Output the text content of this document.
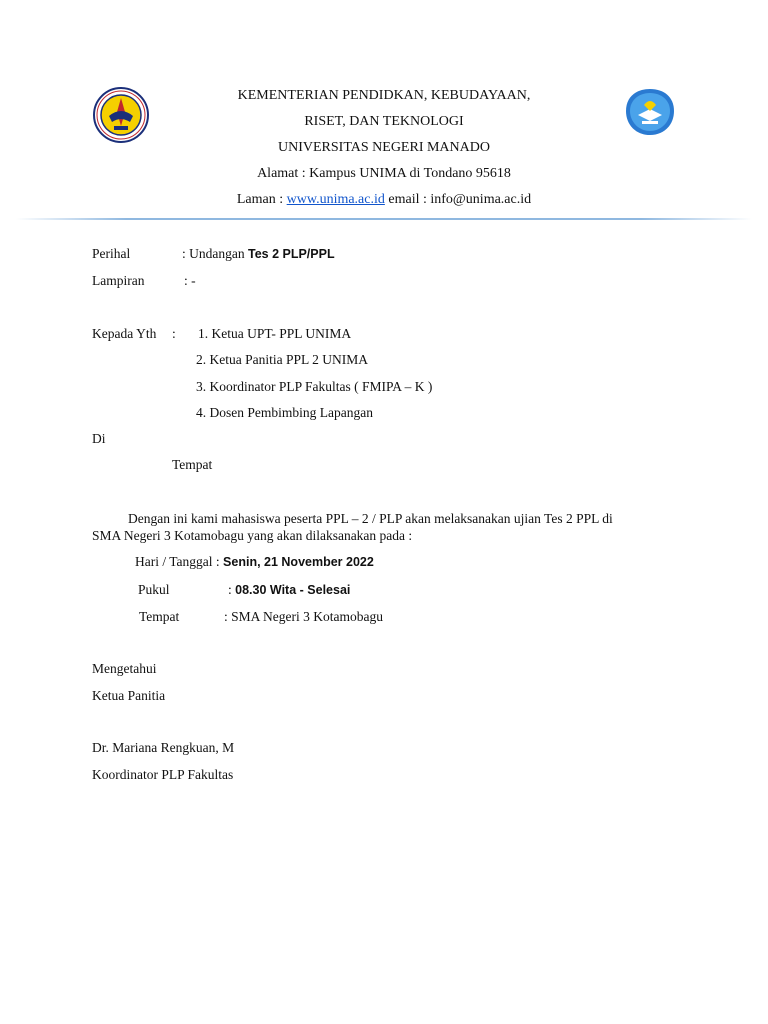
KEMENTERIAN PENDIDKAN, KEBUDAYAAN,
RISET, DAN TEKNOLOGI
UNIVERSITAS NEGERI MANADO
Alamat : Kampus UNIMA di Tondano 95618
Laman : www.unima.ac.id email : info@unima.ac.id
Perihal	: Undangan Tes 2 PLP/PPL
Lampiran	: -
Kepada Yth : 1. Ketua UPT- PPL UNIMA
2. Ketua Panitia PPL 2 UNIMA
3. Koordinator PLP Fakultas ( FMIPA – K )
4. Dosen Pembimbing Lapangan
Di
Tempat
Dengan ini kami mahasiswa peserta PPL – 2 / PLP akan melaksanakan ujian Tes 2 PPL di
SMA Negeri 3 Kotamobagu yang akan dilaksanakan pada :
Hari / Tanggal : Senin, 21 November 2022
Pukul	: 08.30 Wita - Selesai
Tempat	: SMA Negeri 3 Kotamobagu
Mengetahui
Ketua Panitia
Dr. Mariana Rengkuan, M
Koordinator PLP Fakultas
